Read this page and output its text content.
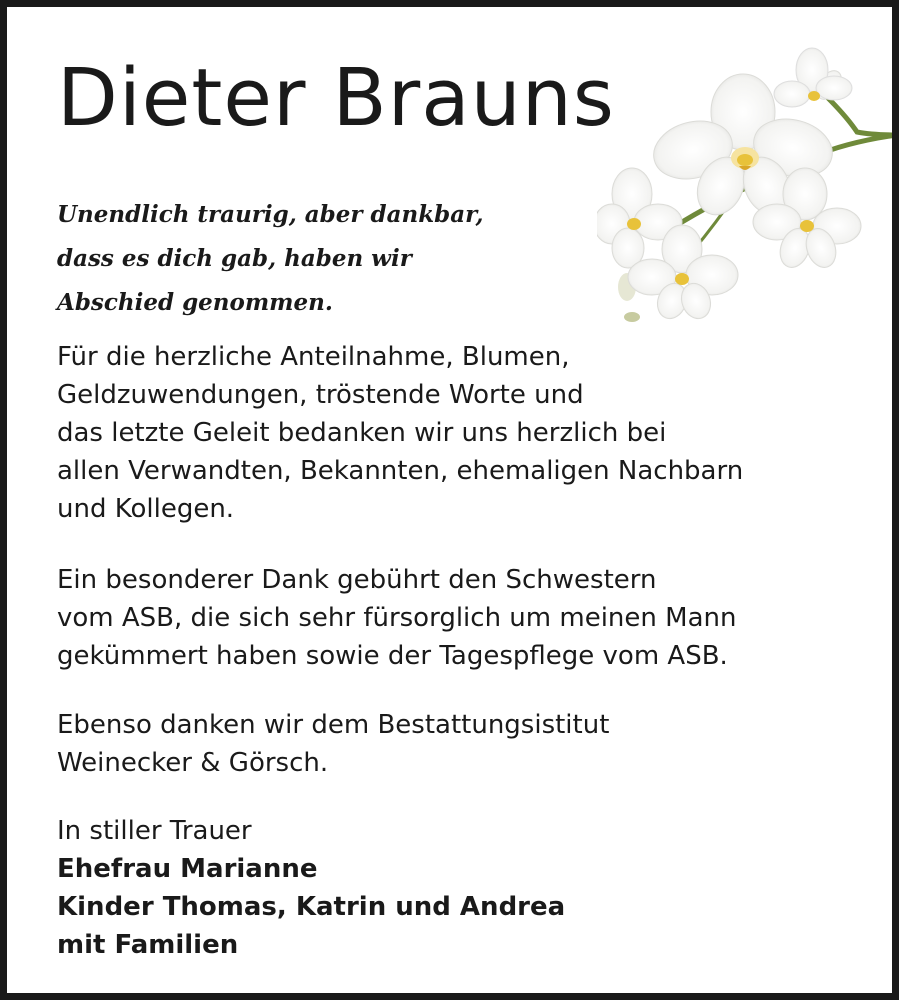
Dieter Brauns
Unendlich traurig, aber dankbar,
dass es dich gab, haben wir
Abschied genommen.
Für die herzliche Anteilnahme, Blumen,
Geldzuwendungen, tröstende Worte und
das letzte Geleit bedanken wir uns herzlich bei
allen Verwandten, Bekannten, ehemaligen Nachbarn
und Kollegen.
Ein besonderer Dank gebührt den Schwestern
vom ASB, die sich sehr fürsorglich um meinen Mann
gekümmert haben sowie der Tagespflege vom ASB.
Ebenso danken wir dem Bestattungsistitut
Weinecker & Görsch.
In stiller Trauer
Ehefrau Marianne
Kinder Thomas, Katrin und Andrea
mit Familien
